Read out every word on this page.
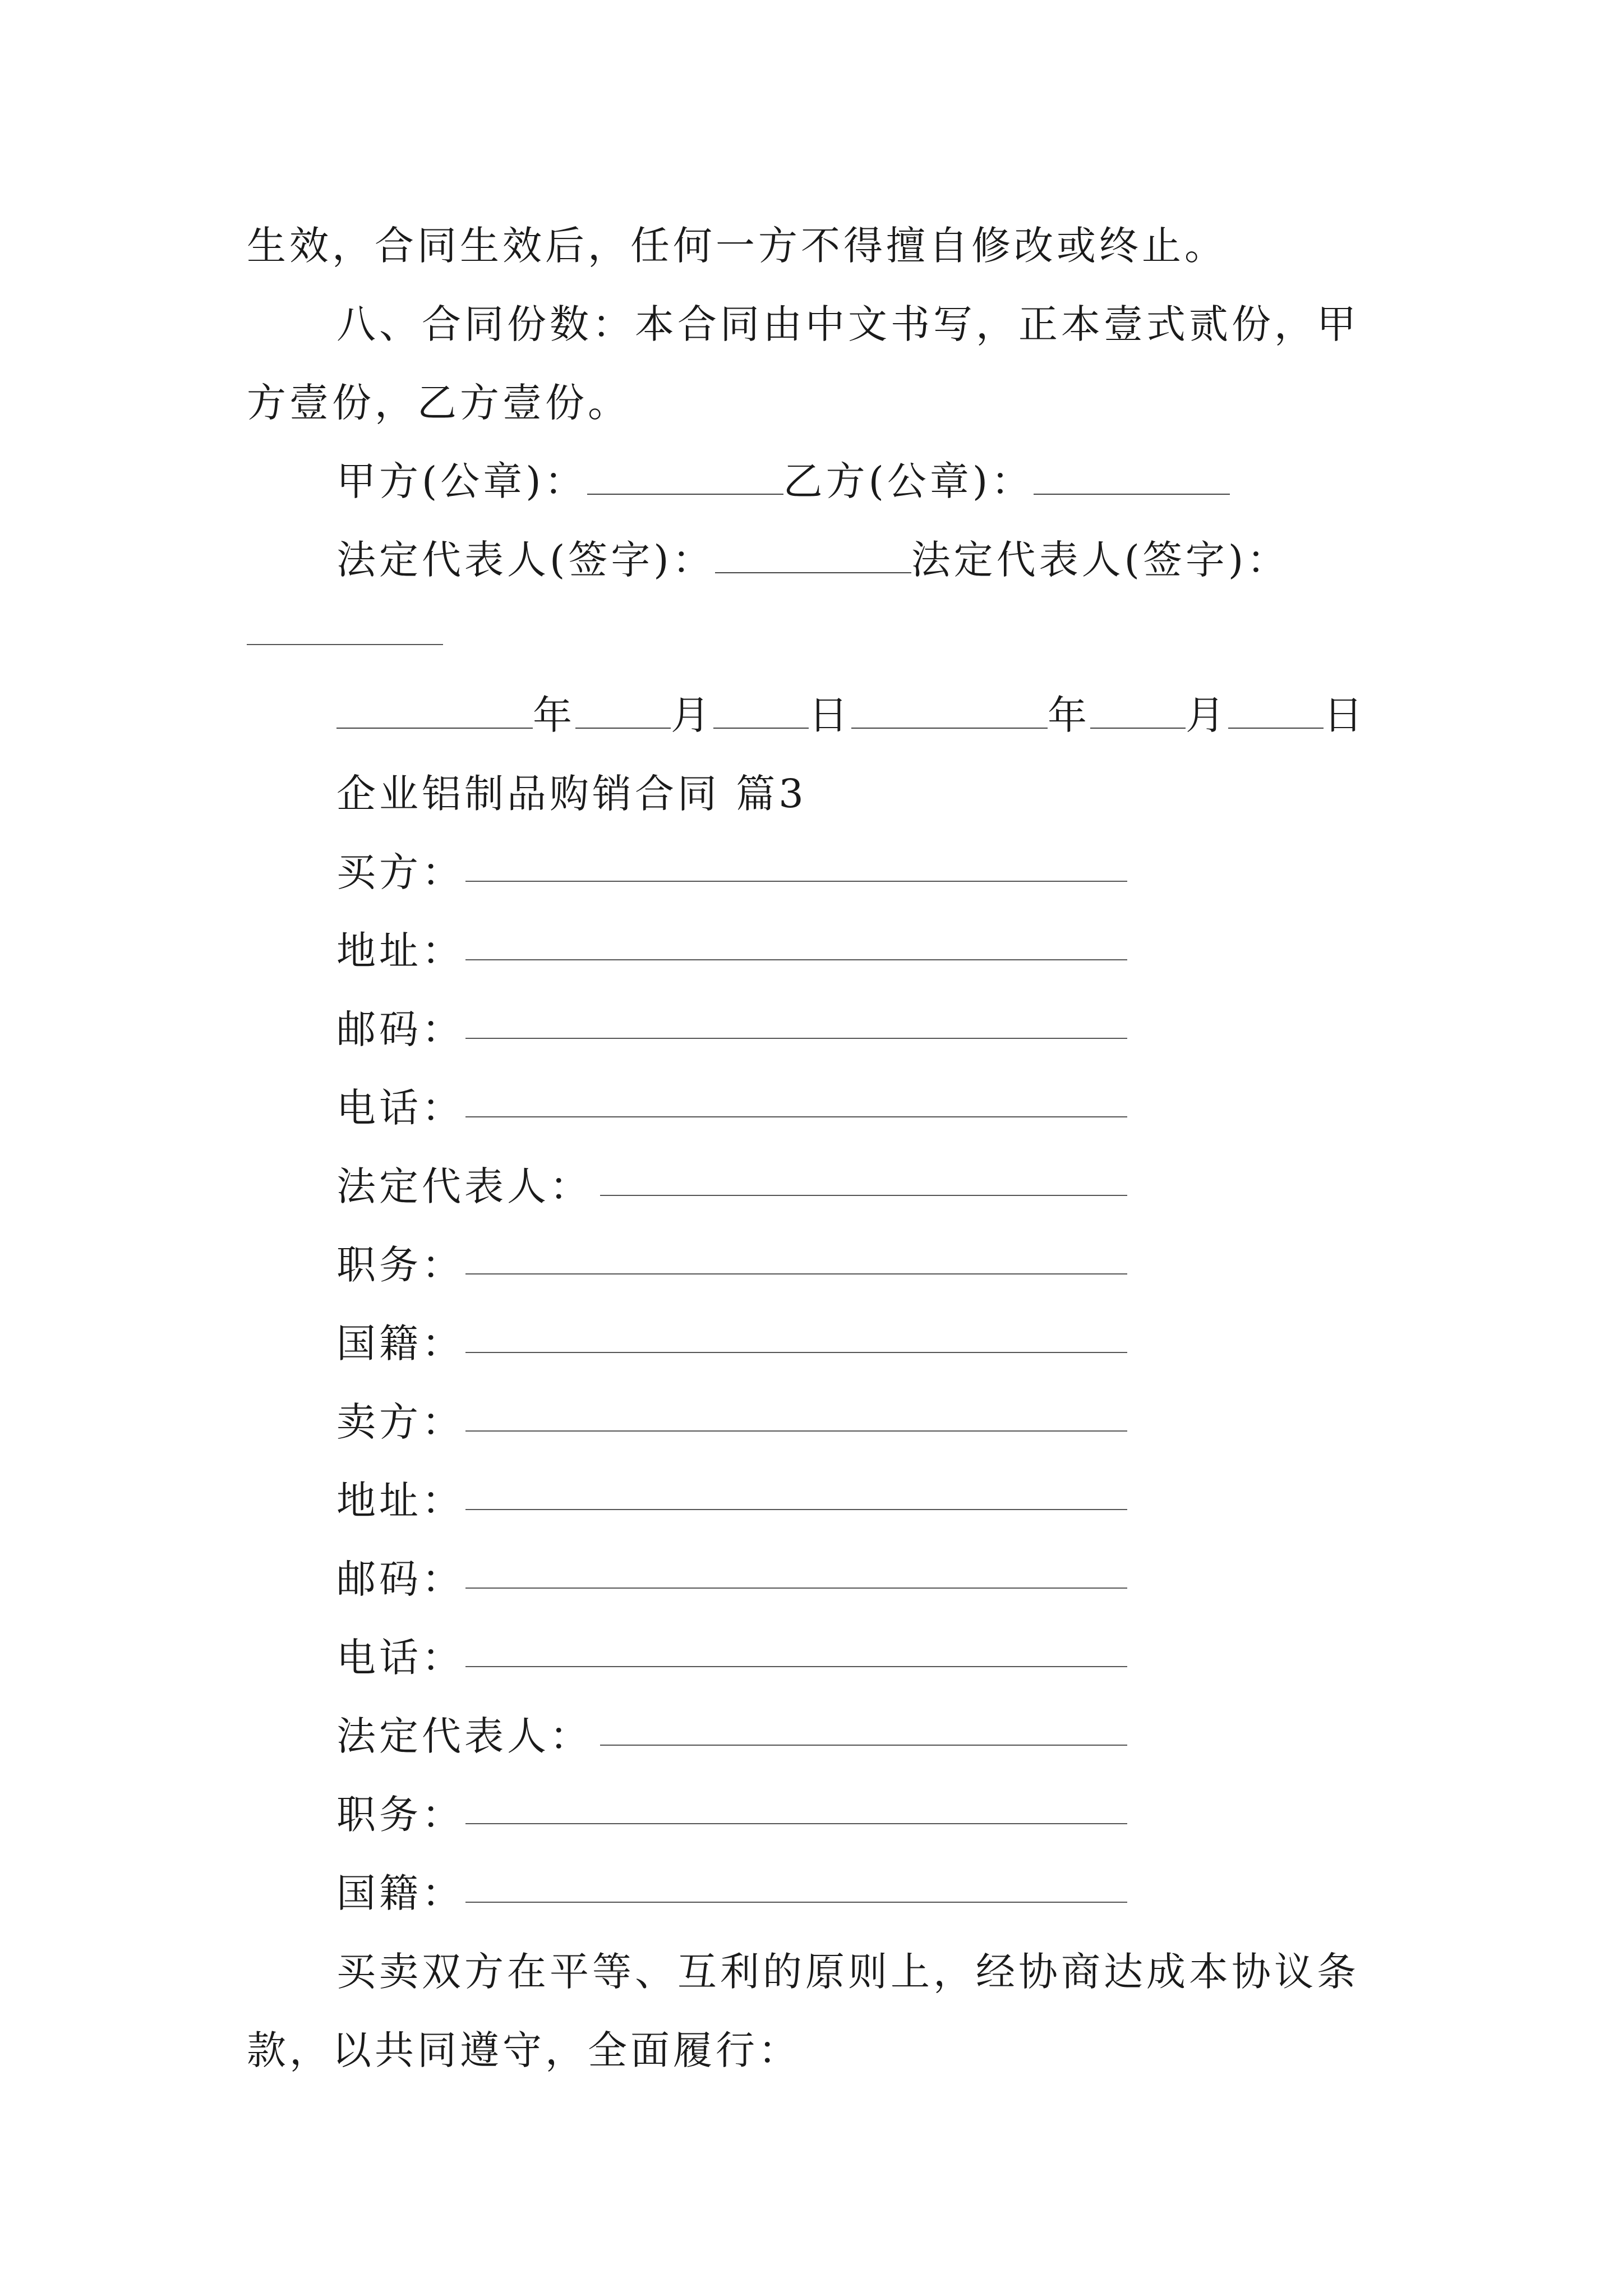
生效，合同生效后，任何一方不得擅自修改或终止。
八、合同份数：本合同由中文书写，正本壹式贰份，甲
方壹份，乙方壹份。
甲方(公章)：	乙方(公章)：
法定代表人(签字)：	法定代表人(签字)：
年 月 日	年 月 日
企业铝制品购销合同 篇3
买方：
地址：
邮码：
电话：
法定代表人：
职务：
国籍：
卖方：
地址：
邮码：
电话：
法定代表人：
职务：
国籍：
买卖双方在平等、互利的原则上，经协商达成本协议条
款，以共同遵守，全面履行：
